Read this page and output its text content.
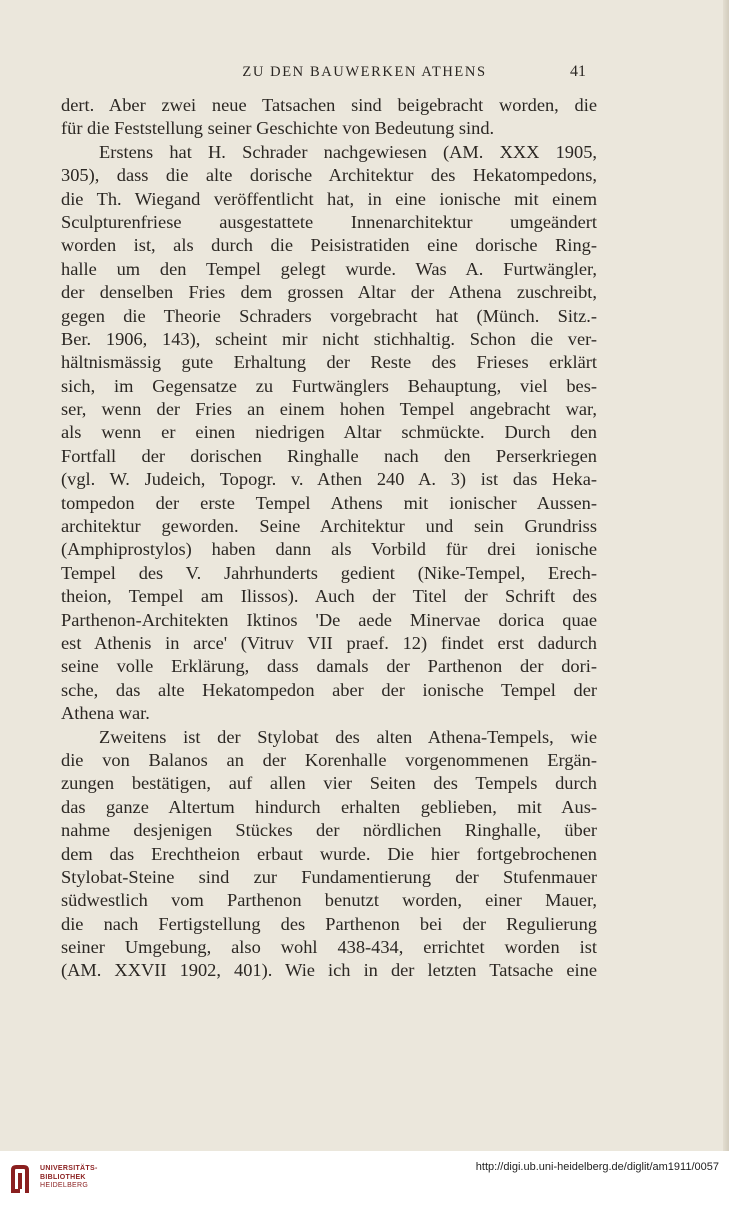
ZU DEN BAUWERKEN ATHENS	41
dert. Aber zwei neue Tatsachen sind beigebracht worden, die
für die Feststellung seiner Geschichte von Bedeutung sind.
Erstens hat H. Schrader nachgewiesen (AM. XXX 1905,
305), dass die alte dorische Architektur des Hekatompedons,
die Th. Wiegand veröffentlicht hat, in eine ionische mit einem
Sculpturenfriese ausgestattete Innenarchitektur umgeändert
worden ist, als durch die Peisistratiden eine dorische Ring-
halle um den Tempel gelegt wurde. Was A. Furtwängler,
der denselben Fries dem grossen Altar der Athena zuschreibt,
gegen die Theorie Schraders vorgebracht hat (Münch. Sitz.-
Ber. 1906, 143), scheint mir nicht stichhaltig. Schon die ver-
hältnismässig gute Erhaltung der Reste des Frieses erklärt
sich, im Gegensatze zu Furtwänglers Behauptung, viel bes-
ser, wenn der Fries an einem hohen Tempel angebracht war,
als wenn er einen niedrigen Altar schmückte. Durch den
Fortfall der dorischen Ringhalle nach den Perserkriegen
(vgl. W. Judeich, Topogr. v. Athen 240 A. 3) ist das Heka-
tompedon der erste Tempel Athens mit ionischer Aussen-
architektur geworden. Seine Architektur und sein Grundriss
(Amphiprostylos) haben dann als Vorbild für drei ionische
Tempel des V. Jahrhunderts gedient (Nike-Tempel, Erech-
theion, Tempel am Ilissos). Auch der Titel der Schrift des
Parthenon-Architekten Iktinos 'De aede Minervae dorica quae
est Athenis in arce' (Vitruv VII praef. 12) findet erst dadurch
seine volle Erklärung, dass damals der Parthenon der dori-
sche, das alte Hekatompedon aber der ionische Tempel der
Athena war.
Zweitens ist der Stylobat des alten Athena-Tempels, wie
die von Balanos an der Korenhalle vorgenommenen Ergän-
zungen bestätigen, auf allen vier Seiten des Tempels durch
das ganze Altertum hindurch erhalten geblieben, mit Aus-
nahme desjenigen Stückes der nördlichen Ringhalle, über
dem das Erechtheion erbaut wurde. Die hier fortgebrochenen
Stylobat-Steine sind zur Fundamentierung der Stufenmauer
südwestlich vom Parthenon benutzt worden, einer Mauer,
die nach Fertigstellung des Parthenon bei der Regulierung
seiner Umgebung, also wohl 438-434, errichtet worden ist
(AM. XXVII 1902, 401). Wie ich in der letzten Tatsache eine
UNIVERSITÄTS-
BIBLIOTHEK
HEIDELBERG
http://digi.ub.uni-heidelberg.de/diglit/am1911/0057
